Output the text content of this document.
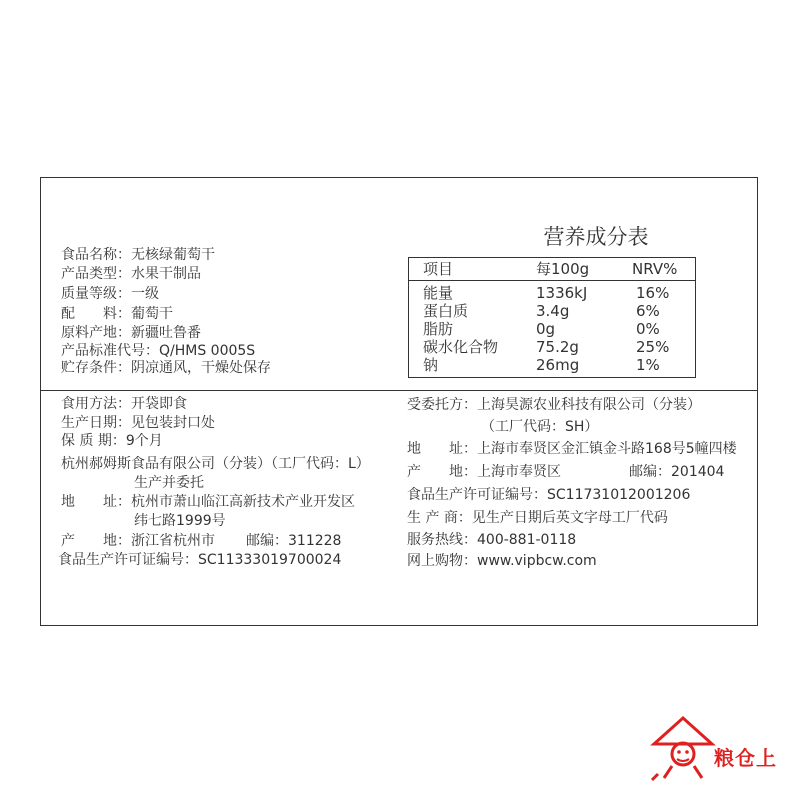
食品名称：无核绿葡萄干
产品类型：水果干制品
质量等级：一级
配　　料：葡萄干
原料产地：新疆吐鲁番
产品标准代号：Q/HMS 0005S
贮存条件：阴凉通风，干燥处保存
营养成分表
项目	每100g	NRV%
能量	1336kJ	16%
蛋白质	3.4g	6%
脂肪	0g	0%
碳水化合物	75.2g	25%
钠	26mg	1%
食用方法：开袋即食
生产日期：见包装封口处
保 质 期：9个月
杭州郝姆斯食品有限公司（分装）（工厂代码：L）
生产并委托
地　　址：杭州市萧山临江高新技术产业开发区
纬七路1999号
产　　地：浙江省杭州市 邮编：311228
食品生产许可证编号：SC11333019700024
受委托方：上海昊源农业科技有限公司（分装）
（工厂代码：SH）
地　　址：上海市奉贤区金汇镇金斗路168号5幢四楼
产　　地：上海市奉贤区	邮编：201404
食品生产许可证编号：SC11731012001206
生 产 商：见生产日期后英文字母工厂代码
服务热线：400-881-0118
网上购物：www.vipbcw.com
粮仓上
